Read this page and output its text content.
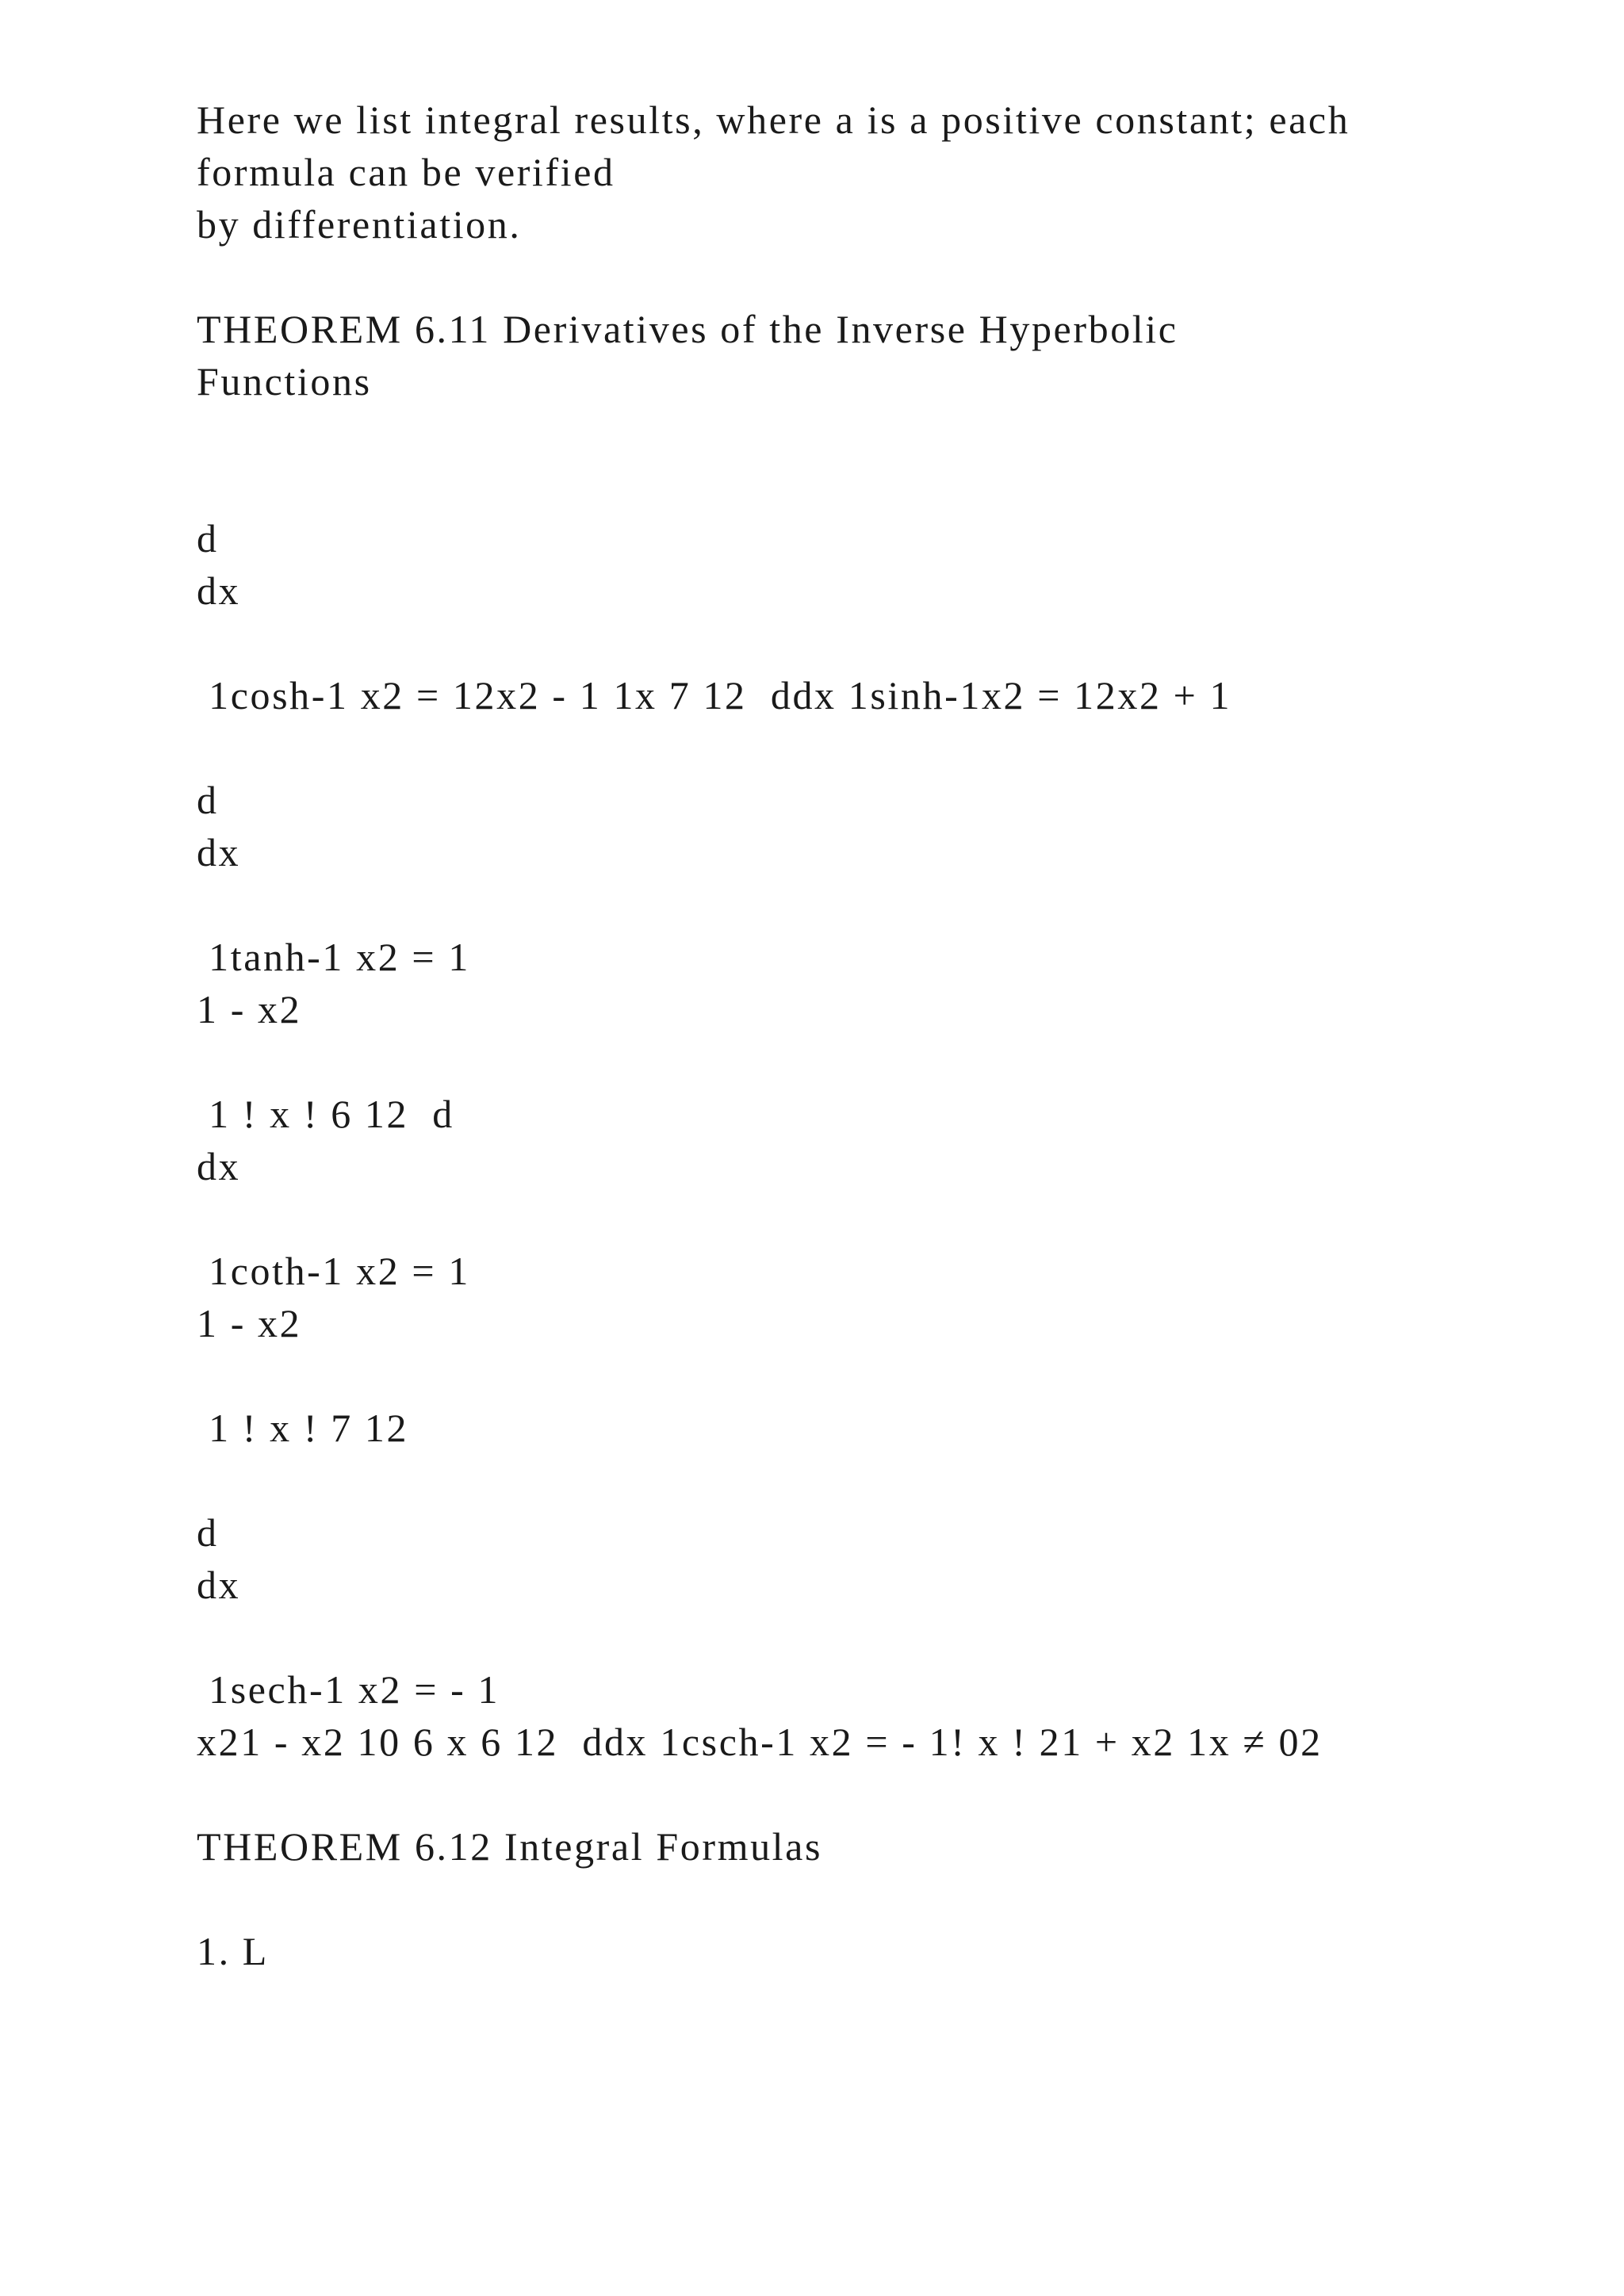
Here we list integral results, where a is a positive constant; each

formula can be verified

by differentiation.

THEOREM 6.11 Derivatives of the Inverse Hyperbolic

Functions

d

dx

1cosh-1 x2 = 12x2 - 1 1x 7 12  ddx 1sinh-1x2 = 12x2 + 1

d

dx

1tanh-1 x2 = 1

1 - x2

1 ! x ! 6 12  d

dx

1coth-1 x2 = 1

1 - x2

1 ! x ! 7 12

d

dx

1sech-1 x2 = - 1

x21 - x2 10 6 x 6 12  ddx 1csch-1 x2 = - 1! x ! 21 + x2 1x ≠ 02

THEOREM 6.12 Integral Formulas

1. L
